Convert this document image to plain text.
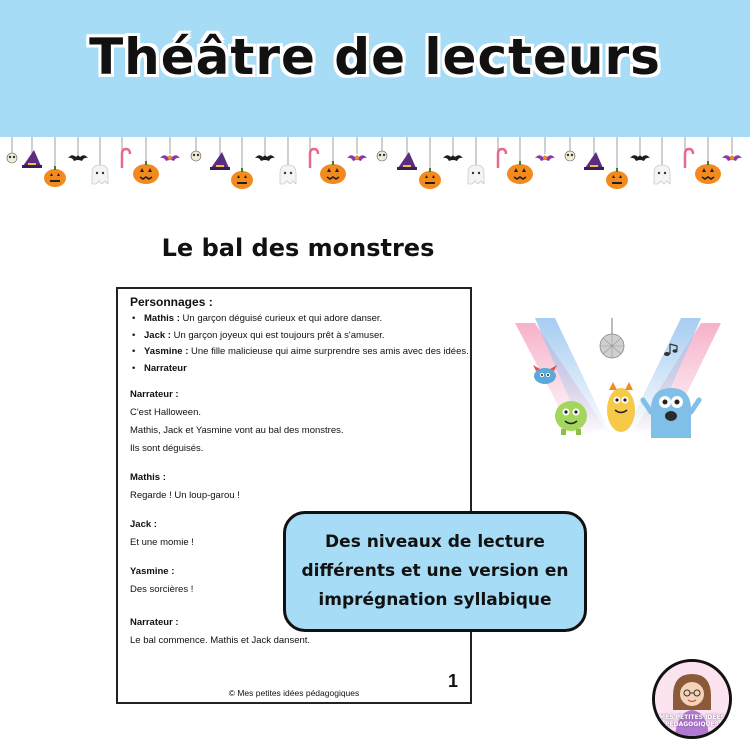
Théâtre de lecteurs
Le bal des monstres
Personnages :
• Mathis : Un garçon déguisé curieux et qui adore danser.
• Jack : Un garçon joyeux qui est toujours prêt à s'amuser.
• Yasmine : Une fille malicieuse qui aime surprendre ses amis avec des idées.
• Narrateur
Narrateur :
C'est Halloween.
Mathis, Jack et Yasmine vont au bal des monstres.
Ils sont déguisés.
Mathis :
Regarde ! Un loup-garou !
Jack :
Et une momie !
Yasmine :
Des sorcières !
Narrateur :
Le bal commence. Mathis et Jack dansent.
1
© Mes petites idées pédagogiques
Des niveaux de lecture
différents et une version en
imprégnation syllabique
MES PETITES IDÉES
PÉDAGOGIQUES
